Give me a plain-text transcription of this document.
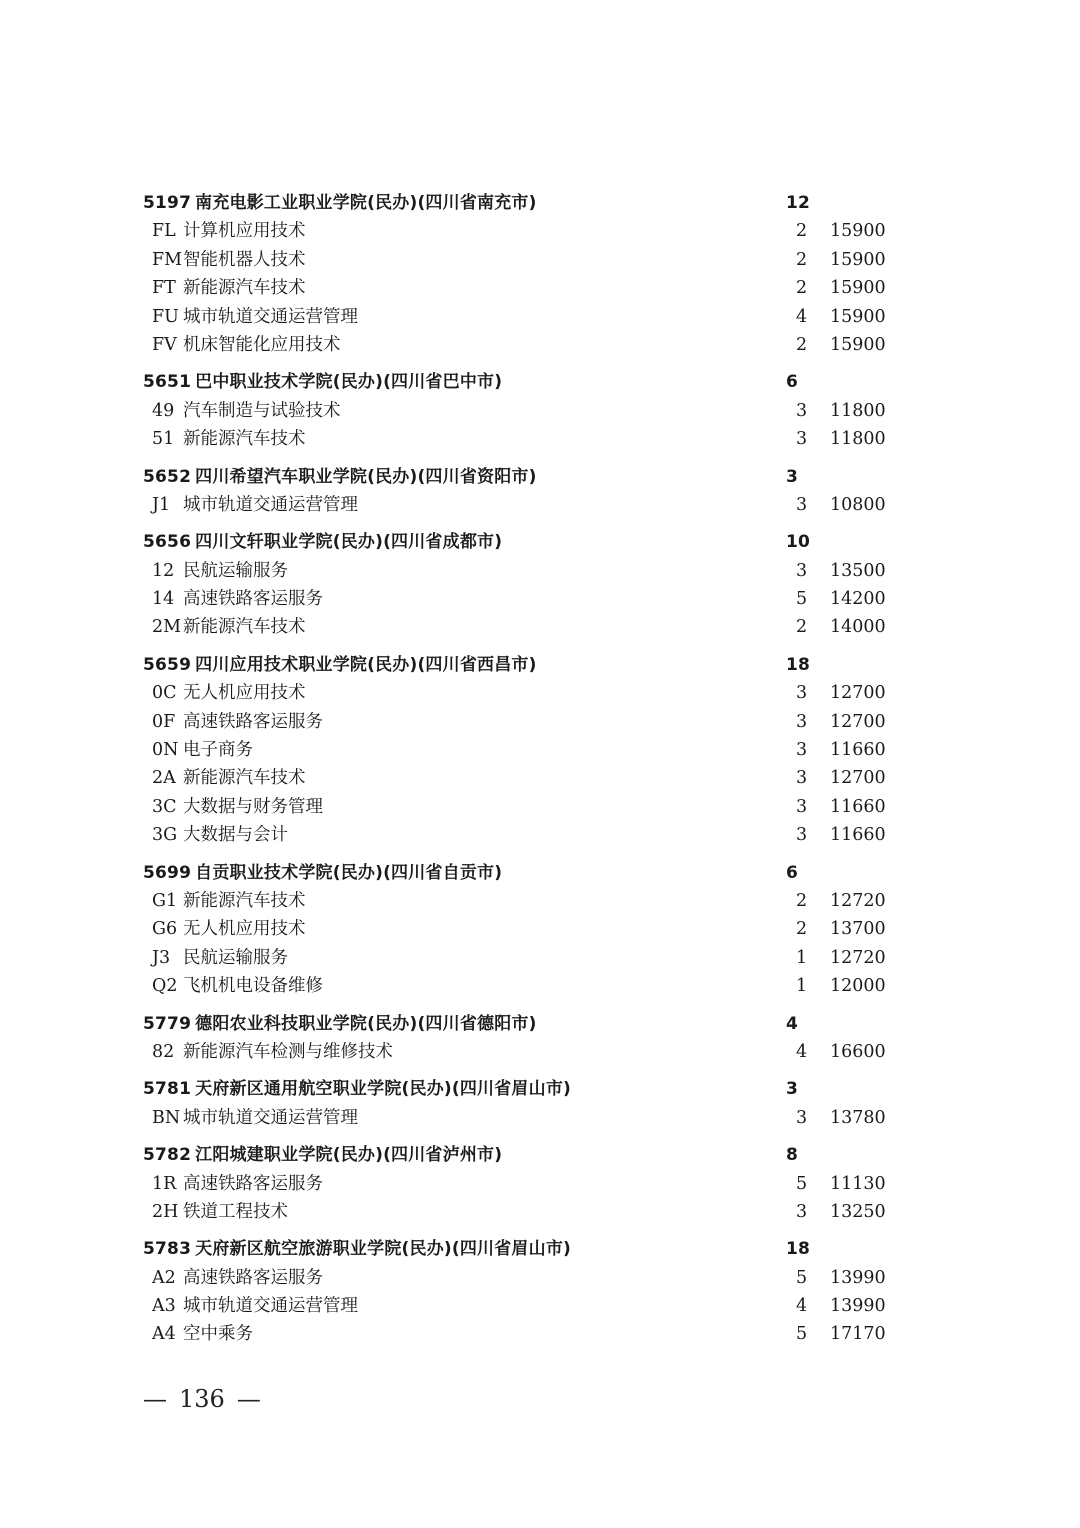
5197 南充电影工业职业学院(民办)(四川省南充市)	12
FL 计算机应用技术	2 15900
FM 智能机器人技术	2 15900
FT 新能源汽车技术	2 15900
FU 城市轨道交通运营管理	4 15900
FV 机床智能化应用技术	2 15900
5651 巴中职业技术学院(民办)(四川省巴中市)	6
49 汽车制造与试验技术	3 11800
51 新能源汽车技术	3 11800
5652 四川希望汽车职业学院(民办)(四川省资阳市)	3
J1 城市轨道交通运营管理	3 10800
5656 四川文轩职业学院(民办)(四川省成都市)	10
12 民航运输服务	3 13500
14 高速铁路客运服务	5 14200
2M 新能源汽车技术	2 14000
5659 四川应用技术职业学院(民办)(四川省西昌市)	18
0C 无人机应用技术	3 12700
0F 高速铁路客运服务	3 12700
0N 电子商务	3 11660
2A 新能源汽车技术	3 12700
3C 大数据与财务管理	3 11660
3G 大数据与会计	3 11660
5699 自贡职业技术学院(民办)(四川省自贡市)	6
G1 新能源汽车技术	2 12720
G6 无人机应用技术	2 13700
J3 民航运输服务	1 12720
Q2 飞机机电设备维修	1 12000
5779 德阳农业科技职业学院(民办)(四川省德阳市)	4
82 新能源汽车检测与维修技术	4 16600
5781 天府新区通用航空职业学院(民办)(四川省眉山市)	3
BN 城市轨道交通运营管理	3 13780
5782 江阳城建职业学院(民办)(四川省泸州市)	8
1R 高速铁路客运服务	5 11130
2H 铁道工程技术	3 13250
5783 天府新区航空旅游职业学院(民办)(四川省眉山市)	18
A2 高速铁路客运服务	5 13990
A3 城市轨道交通运营管理	4 13990
A4 空中乘务	5 17170
— 136 —
